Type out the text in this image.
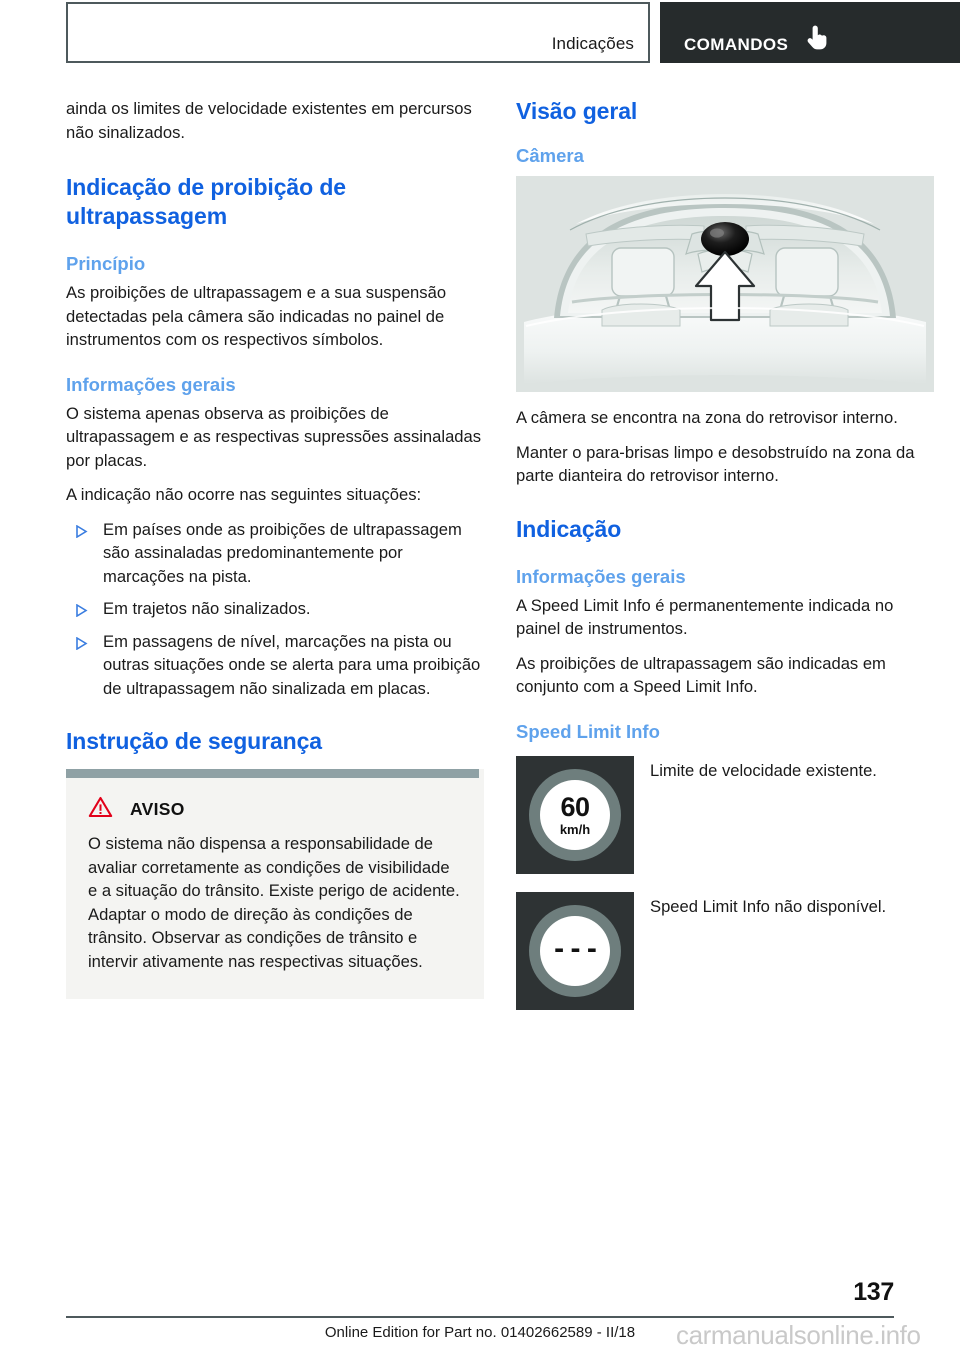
Indicações	COMANDOS

ainda os limites de velocidade existentes em percursos não sinalizados.

Indicação de proibição de ultrapassagem
Princípio

As proibições de ultrapassagem e a sua suspensão detectadas pela câmera são indicadas no painel de instrumentos com os respectivos símbolos.

Informações gerais

O sistema apenas observa as proibições de ultrapassagem e as respectivas supressões assinaladas por placas.

A indicação não ocorre nas seguintes situações:

Em países onde as proibições de ultrapassagem são assinaladas predominantemente por marcações na pista.
Em trajetos não sinalizados.
Em passagens de nível, marcações na pista ou outras situações onde se alerta para uma proibição de ultrapassagem não sinalizada em placas.
Instrução de segurança
AVISO

O sistema não dispensa a responsabilidade de avaliar corretamente as condições de visibilidade e a situação do trânsito. Existe perigo de acidente. Adaptar o modo de direção às condições de trânsito. Observar as condições de trânsito e intervir ativamente nas respectivas situações.

Visão geral
Câmera

A câmera se encontra na zona do retrovisor interno.

Manter o para-brisas limpo e desobstruído na zona da parte dianteira do retrovisor interno.

Indicação
Informações gerais

A Speed Limit Info é permanentemente indicada no painel de instrumentos.

As proibições de ultrapassagem são indicadas em conjunto com a Speed Limit Info.

Speed Limit Info
60
km/h
Limite de velocidade existente.
- - -
Speed Limit Info não disponível.
137
Online Edition for Part no. 01402662589 - II/18	carmanualsonline.info
